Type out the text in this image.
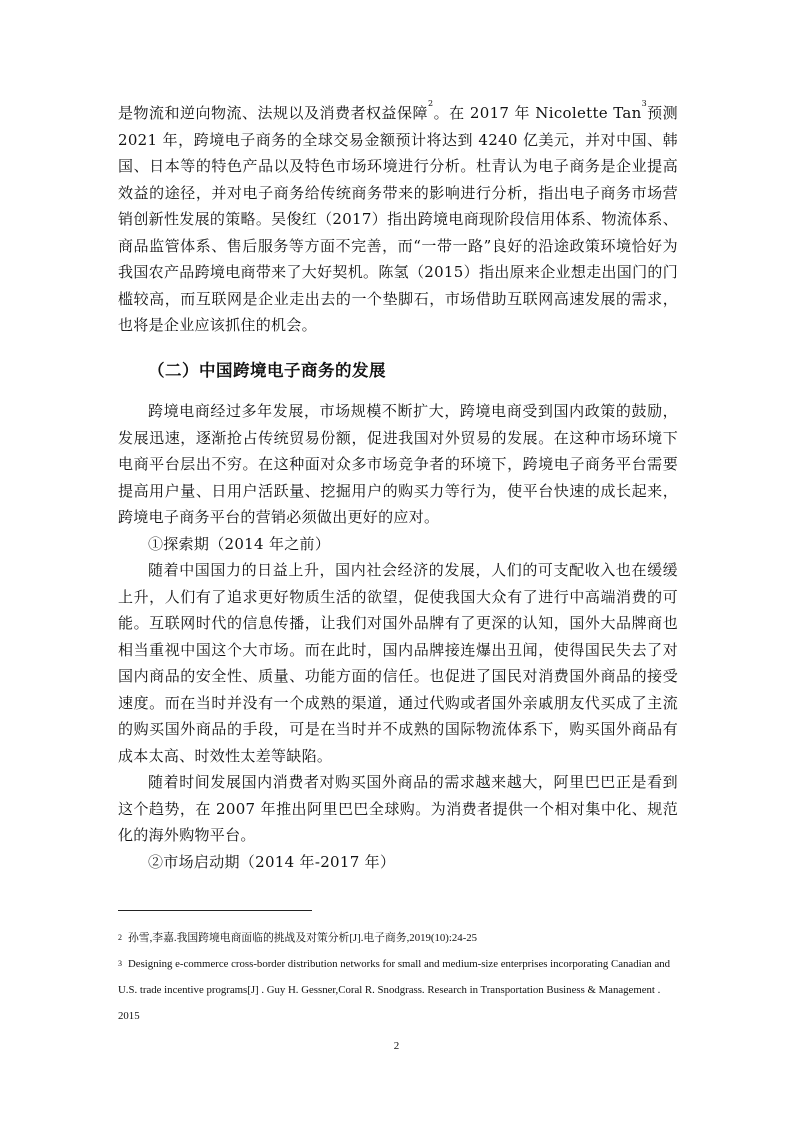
是物流和逆向物流、法规以及消费者权益保障$^2$。在 2017 年 Nicolette Tan$^3$预测2021 年，跨境电子商务的全球交易金额预计将达到 4240 亿美元，并对中国、韩国、日本等的特色产品以及特色市场环境进行分析。杜青认为电子商务是企业提高效益的途径，并对电子商务给传统商务带来的影响进行分析，指出电子商务市场营销创新性发展的策略。吴俊红（2017）指出跨境电商现阶段信用体系、物流体系、商品监管体系、售后服务等方面不完善，而“一带一路”良好的沿途政策环境恰好为我国农产品跨境电商带来了大好契机。陈氢（2015）指出原来企业想走出国门的门槛较高，而互联网是企业走出去的一个垫脚石，市场借助互联网高速发展的需求，也将是企业应该抓住的机会。

（二）中国跨境电子商务的发展

跨境电商经过多年发展，市场规模不断扩大，跨境电商受到国内政策的鼓励，发展迅速，逐渐抢占传统贸易份额，促进我国对外贸易的发展。在这种市场环境下电商平台层出不穷。在这种面对众多市场竞争者的环境下，跨境电子商务平台需要提高用户量、日用户活跃量、挖掘用户的购买力等行为，使平台快速的成长起来，跨境电子商务平台的营销必须做出更好的应对。

①探索期（2014 年之前）

随着中国国力的日益上升，国内社会经济的发展，人们的可支配收入也在缓缓上升，人们有了追求更好物质生活的欲望，促使我国大众有了进行中高端消费的可能。互联网时代的信息传播，让我们对国外品牌有了更深的认知，国外大品牌商也相当重视中国这个大市场。而在此时，国内品牌接连爆出丑闻，使得国民失去了对国内商品的安全性、质量、功能方面的信任。也促进了国民对消费国外商品的接受速度。而在当时并没有一个成熟的渠道，通过代购或者国外亲戚朋友代买成了主流的购买国外商品的手段，可是在当时并不成熟的国际物流体系下，购买国外商品有成本太高、时效性太差等缺陷。

随着时间发展国内消费者对购买国外商品的需求越来越大，阿里巴巴正是看到这个趋势，在 2007 年推出阿里巴巴全球购。为消费者提供一个相对集中化、规范化的海外购物平台。

②市场启动期（2014 年-2017 年）

$^2$ 孙雪,李嘉.我国跨境电商面临的挑战及对策分析[J].电子商务,2019(10):24-25

$^3$ Designing e-commerce cross-border distribution networks for small and medium-size enterprises incorporating Canadian and U.S. trade incentive programs[J] . Guy H. Gessner,Coral R. Snodgrass. Research in Transportation Business & Management . 2015

2
